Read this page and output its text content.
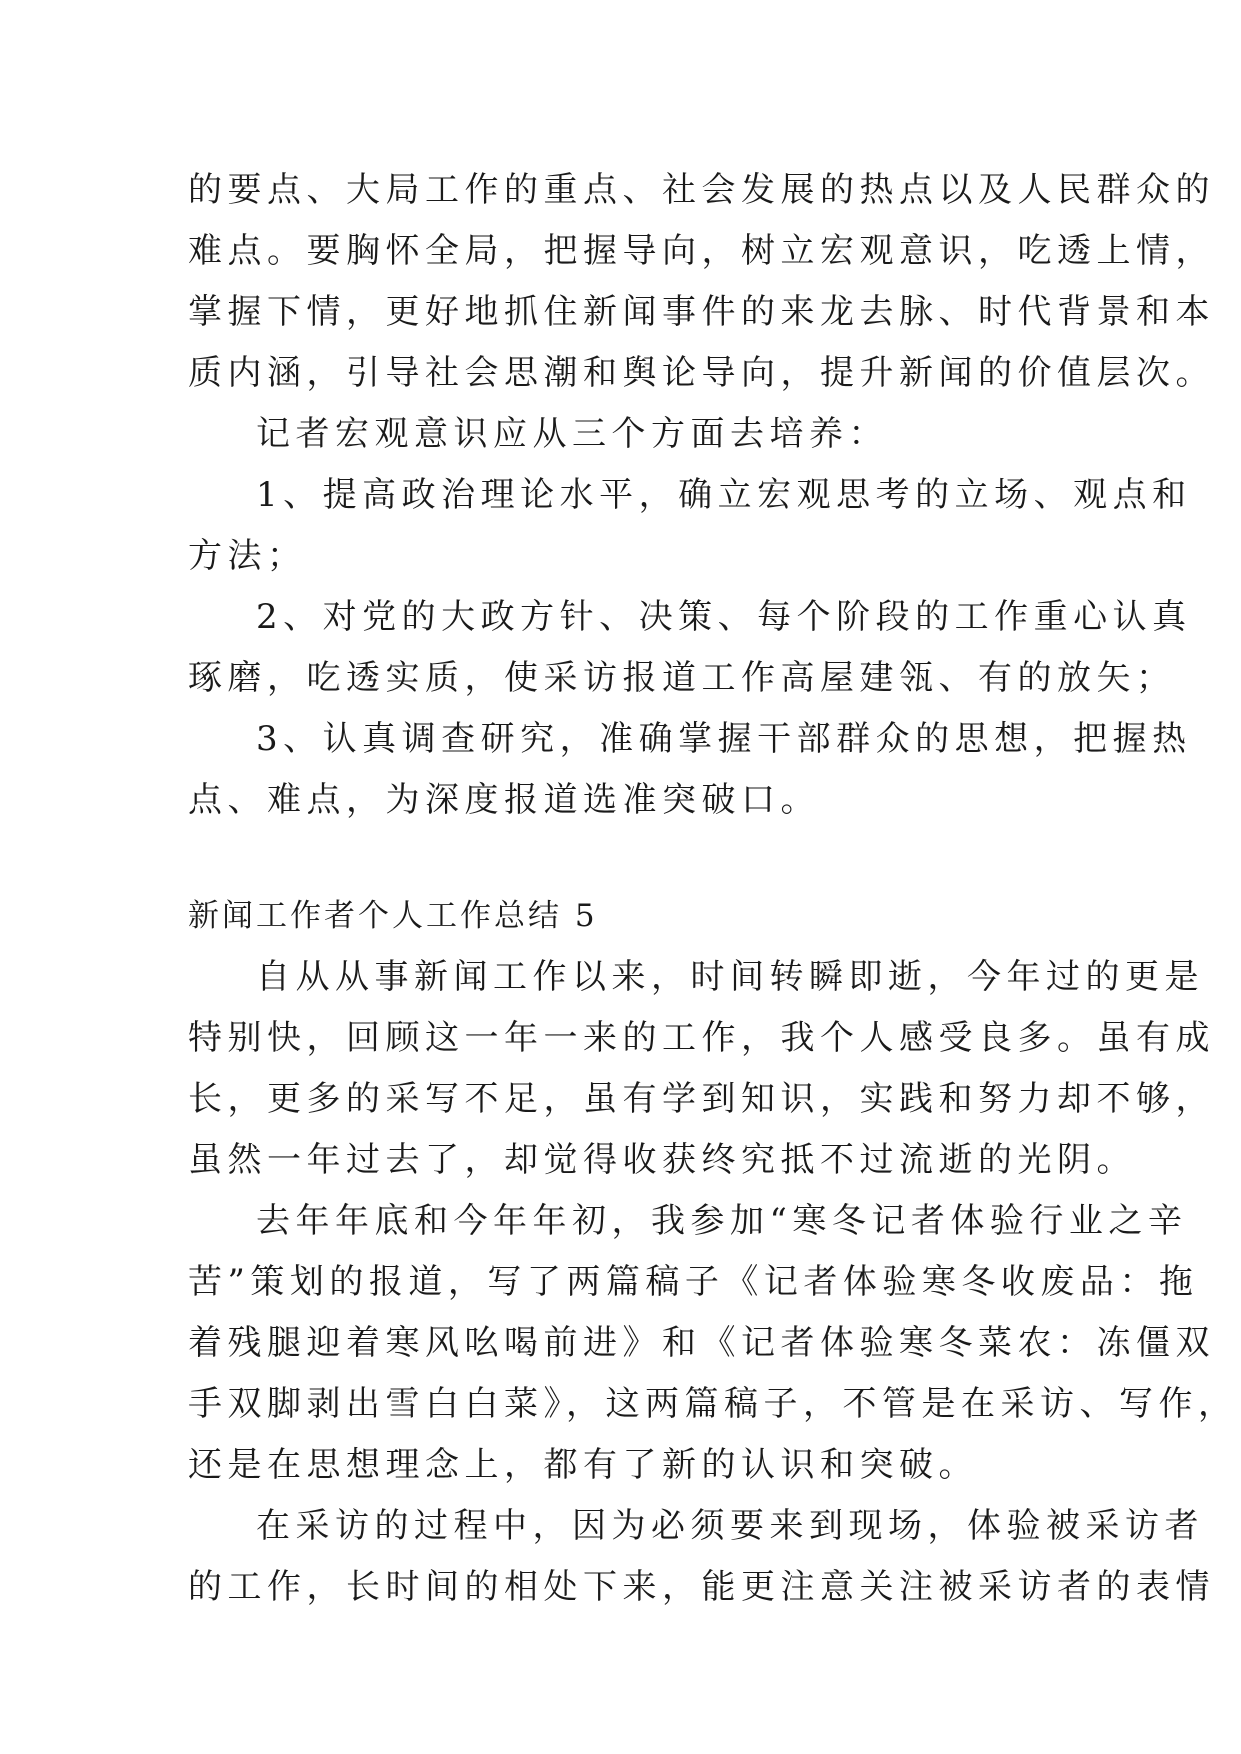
的要点、大局工作的重点、社会发展的热点以及人民群众的
难点。要胸怀全局，把握导向，树立宏观意识，吃透上情，
掌握下情，更好地抓住新闻事件的来龙去脉、时代背景和本
质内涵，引导社会思潮和舆论导向，提升新闻的价值层次。
记者宏观意识应从三个方面去培养：
1、提高政治理论水平，确立宏观思考的立场、观点和
方法；
2、对党的大政方针、决策、每个阶段的工作重心认真
琢磨，吃透实质，使采访报道工作高屋建瓴、有的放矢；
3、认真调查研究，准确掌握干部群众的思想，把握热
点、难点，为深度报道选准突破口。
新闻工作者个人工作总结 5
自从从事新闻工作以来，时间转瞬即逝，今年过的更是
特别快，回顾这一年一来的工作，我个人感受良多。虽有成
长，更多的采写不足，虽有学到知识，实践和努力却不够，
虽然一年过去了，却觉得收获终究抵不过流逝的光阴。
去年年底和今年年初，我参加“寒冬记者体验行业之辛
苦”策划的报道，写了两篇稿子《记者体验寒冬收废品：拖
着残腿迎着寒风吆喝前进》和《记者体验寒冬菜农：冻僵双
手双脚剥出雪白白菜》，这两篇稿子，不管是在采访、写作，
还是在思想理念上，都有了新的认识和突破。
在采访的过程中，因为必须要来到现场，体验被采访者
的工作，长时间的相处下来，能更注意关注被采访者的表情
